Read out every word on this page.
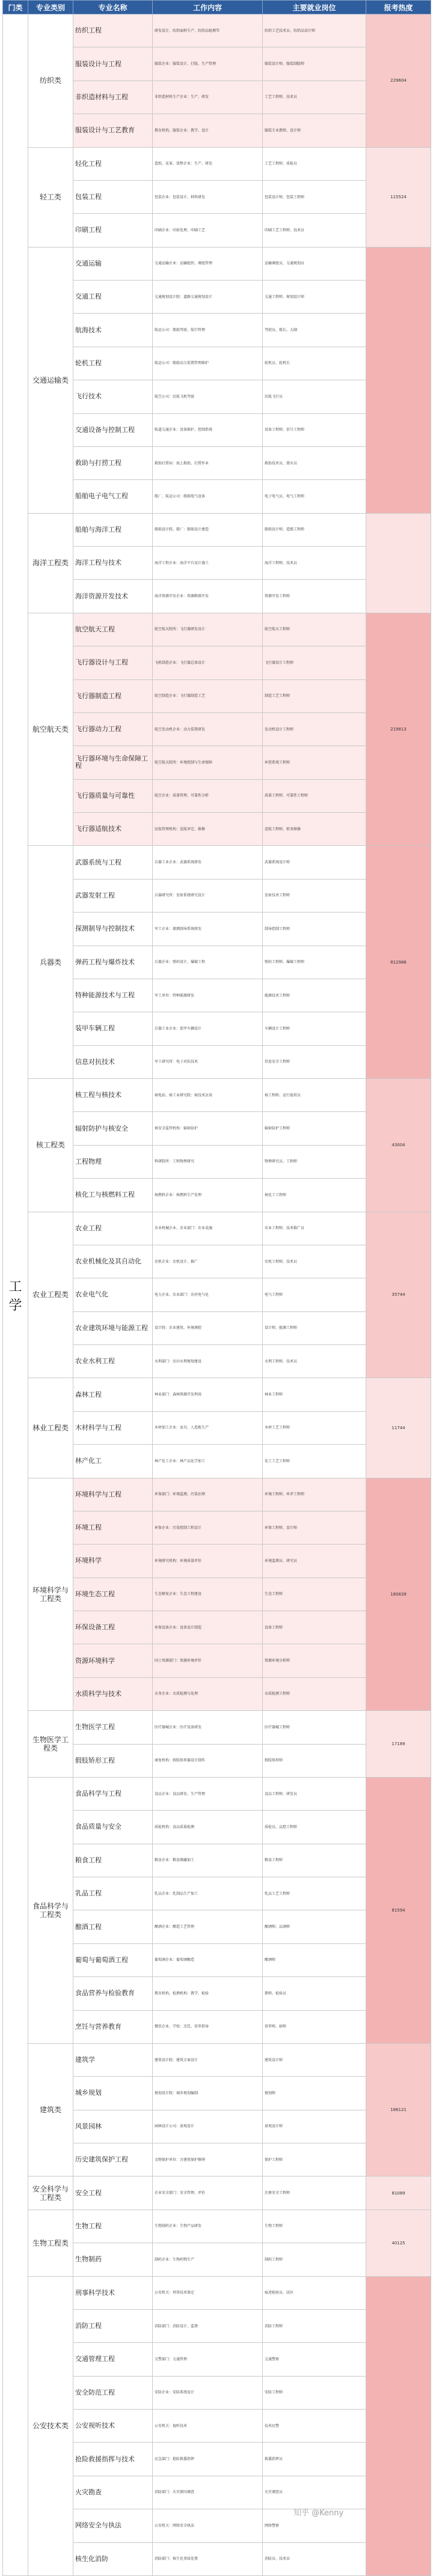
门类	专业类别	专业名称	工作内容	主要就业岗位	报考热度
工学	纺织类	纺织工程	研发设计、纺织面料生产、纺织品检测等	纺织工艺技术员、纺织品设计师	229604
		服装设计与工程	服装企业：服装设计、打版、生产管理	服装设计师、服装制版师	
		非织造材料与工程	非织造材料生产企业：生产、研发	工艺工程师、技术员	
		服装设计与工艺教育	教育机构、服装企业：教学、设计	服装专业教师、设计师	
	轻工类	轻化工程	造纸、皮革、染整企业：生产、研发	工艺工程师、质检员	115524
		包装工程	包装企业：包装设计、材料研发	包装设计师、包装工程师	
		印刷工程	印刷企业：印前处理、印刷工艺	印刷工艺工程师、技术员	
	交通运输类	交通运输	交通运输企业：运输组织、调度管理	运输调度员、交通规划员	
		交通工程	交通规划设计院：道路交通规划设计	交通工程师、规划设计师	
		航海技术	航运公司：船舶驾驶、航行管理	驾驶员、船长、大副	
		轮机工程	航运公司：船舶动力装置管理维护	轮机员、轮机长	
		飞行技术	航空公司：民航飞机驾驶	民航飞行员	
		交通设备与控制工程	轨道交通企业：设备维护、控制系统	设备工程师、信号工程师	
		救助与打捞工程	救助打捞局：海上救助、打捞作业	救助技术员、潜水员	
		船舶电子电气工程	船厂、航运公司：船舶电气设备	电子电气员、电气工程师	
	海洋工程类	船舶与海洋工程	船舶设计院、船厂：船舶设计建造	船舶设计师、造船工程师	
		海洋工程与技术	海洋工程企业：海洋平台设计施工	海洋工程师、技术员	
		海洋资源开发技术	海洋资源开发企业：资源勘探开发	资源开发工程师	
	航空航天类	航空航天工程	航空航天院所：飞行器研发设计	航空航天工程师	219813
		飞行器设计与工程	飞机制造企业：飞行器总体设计	飞行器设计工程师	
		飞行器制造工程	航空制造企业：飞行器制造工艺	制造工艺工程师	
		飞行器动力工程	航空发动机企业：动力装置研发	发动机设计工程师	
		飞行器环境与生命保障工程	航空航天院所：环境控制与生命保障	环控系统工程师	
		飞行器质量与可靠性	航空企业：质量管理、可靠性分析	质量工程师、可靠性工程师	
		飞行器适航技术	民航管理机构：适航审定、维修	适航工程师、机务维修	
	兵器类	武器系统与工程	兵器工业企业：武器系统研发	武器系统设计师	812986
		武器发射工程	兵器研究所：发射系统研究设计	发射技术工程师	
		探测制导与控制技术	军工企业：探测制导系统研发	制导控制工程师	
		弹药工程与爆炸技术	兵器企业：弹药设计、爆破工程	弹药工程师、爆破工程师	
		特种能源技术与工程	军工单位：特种能源研发	能源技术工程师	
		装甲车辆工程	兵器工业企业：装甲车辆设计	车辆设计工程师	
		信息对抗技术	军工研究所：电子对抗技术	信息安全工程师	
	核工程类	核工程与核技术	核电站、核工业研究院：核技术应用	核工程师、运行值班员	43004
		辐射防护与核安全	核安全监管机构：辐射防护	辐射防护工程师	
		工程物理	科研院所：工程物理研究	物理研究员、工程师	
		核化工与核燃料工程	核燃料企业：核燃料生产处理	核化工工程师	
	农业工程类	农业工程	农业机械企业、农业部门：农业设施	农业工程师、技术推广员	35744
		农业机械化及其自动化	农机企业：农机设计、推广	农机工程师、技术员	
		农业电气化	电力企业、农业部门：农村电气化	电气工程师	
		农业建筑环境与能源工程	设计院：农业建筑、环境调控	设计师、能源工程师	
		农业水利工程	水利部门：农田水利规划建设	水利工程师、技术员	
	林业工程类	森林工程	林业部门：森林资源开发利用	林业工程师	11744
		木材科学与工程	木材加工企业：家具、人造板生产	木材工艺工程师	
		林产化工	林产化工企业：林产品化学加工	化工工艺工程师	
	环境科学与工程类	环境科学与工程	环保部门：环境监测、污染治理	环境工程师、环评工程师	180839
		环境工程	环保企业：污染控制工程设计	环保工程师、设计师	
		环境科学	环境研究机构：环境质量评价	环境监测员、研究员	
		环境生态工程	生态修复企业：生态工程建设	生态工程师	
		环保设备工程	环保设备企业：设备设计制造	设备工程师	
		资源环境科学	国土资源部门：资源环境评价	资源环境分析师	
		水质科学与技术	水务企业：水质检测与处理	水质检测工程师	
	生物医学工程类	生物医学工程	医疗器械企业：医疗设备研发	医疗器械工程师	17189
		假肢矫形工程	康复机构：假肢矫形器设计制作	假肢矫形师	
	食品科学与工程类	食品科学与工程	食品企业：食品研发、生产管理	食品工程师、研发员	81594
		食品质量与安全	质检机构：食品质量检测	质检员、品控工程师	
		粮食工程	粮食企业：粮食储藏加工	粮食工程师	
		乳品工程	乳品企业：乳制品生产加工	乳品工艺工程师	
		酿酒工程	酿酒企业：酿造工艺管理	酿酒师、品酒师	
		葡萄与葡萄酒工程	葡萄酒企业：葡萄酒酿造	酿酒师	
		食品营养与检验教育	教育机构、检测机构：教学、检验	教师、检验员	
		烹饪与营养教育	餐饮企业、学校：烹饪、营养指导	营养师、厨师	
	建筑类	建筑学	建筑设计院：建筑方案设计	建筑设计师	186121
		城乡规划	规划设计院：城乡规划编制	规划师	
		风景园林	园林设计公司：景观设计	景观设计师	
		历史建筑保护工程	文物保护单位：古建筑保护修缮	保护工程师	
	安全科学与工程类	安全工程	企业安全部门：安全管理、评价	注册安全工程师	81089
	生物工程类	生物工程	生物制药企业：生物产品研发	生物工程师	40125
		生物制药	制药企业：生物药物生产	制药工程师	
	公安技术类	刑事科学技术	公安机关：刑事技术鉴定	痕迹检验员、法医	
		消防工程	消防部门：消防设计、监督	消防工程师	
		交通管理工程	交警部门：交通管理	交通警察	
		安全防范工程	安防企业：安防系统设计	安防工程师	
		公安视听技术	公安机关：视听技术	技术民警	
		抢险救援指挥与技术	应急部门：抢险救援指挥	救援指挥员	
		火灾勘查	消防部门：火灾原因调查	火灾调查员	
		网络安全与执法	公安机关：网络安全执法	网络警察	
		核生化消防	消防部门：核生化事故处置	消防员、技术员	
知乎 @Kenny
